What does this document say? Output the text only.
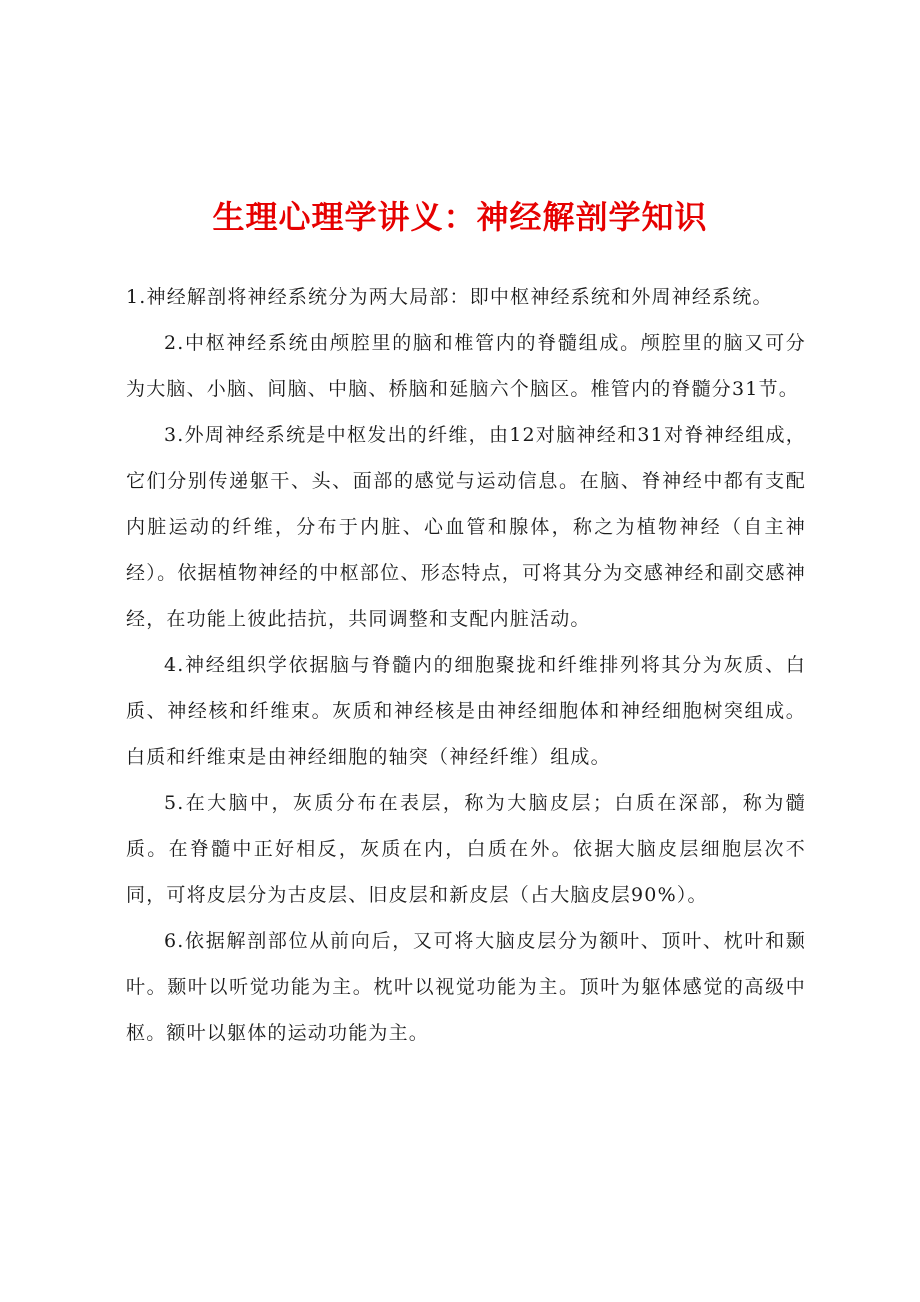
生理心理学讲义：神经解剖学知识

1.神经解剖将神经系统分为两大局部：即中枢神经系统和外周神经系统。

2.中枢神经系统由颅腔里的脑和椎管内的脊髓组成。颅腔里的脑又可分为大脑、小脑、间脑、中脑、桥脑和延脑六个脑区。椎管内的脊髓分31节。

3.外周神经系统是中枢发出的纤维，由12对脑神经和31对脊神经组成，它们分别传递躯干、头、面部的感觉与运动信息。在脑、脊神经中都有支配内脏运动的纤维，分布于内脏、心血管和腺体，称之为植物神经（自主神经）。依据植物神经的中枢部位、形态特点，可将其分为交感神经和副交感神经，在功能上彼此拮抗，共同调整和支配内脏活动。

4.神经组织学依据脑与脊髓内的细胞聚拢和纤维排列将其分为灰质、白质、神经核和纤维束。灰质和神经核是由神经细胞体和神经细胞树突组成。白质和纤维束是由神经细胞的轴突（神经纤维）组成。

5.在大脑中，灰质分布在表层，称为大脑皮层；白质在深部，称为髓质。在脊髓中正好相反，灰质在内，白质在外。依据大脑皮层细胞层次不同，可将皮层分为古皮层、旧皮层和新皮层（占大脑皮层90%）。

6.依据解剖部位从前向后，又可将大脑皮层分为额叶、顶叶、枕叶和颞叶。颞叶以听觉功能为主。枕叶以视觉功能为主。顶叶为躯体感觉的高级中枢。额叶以躯体的运动功能为主。
